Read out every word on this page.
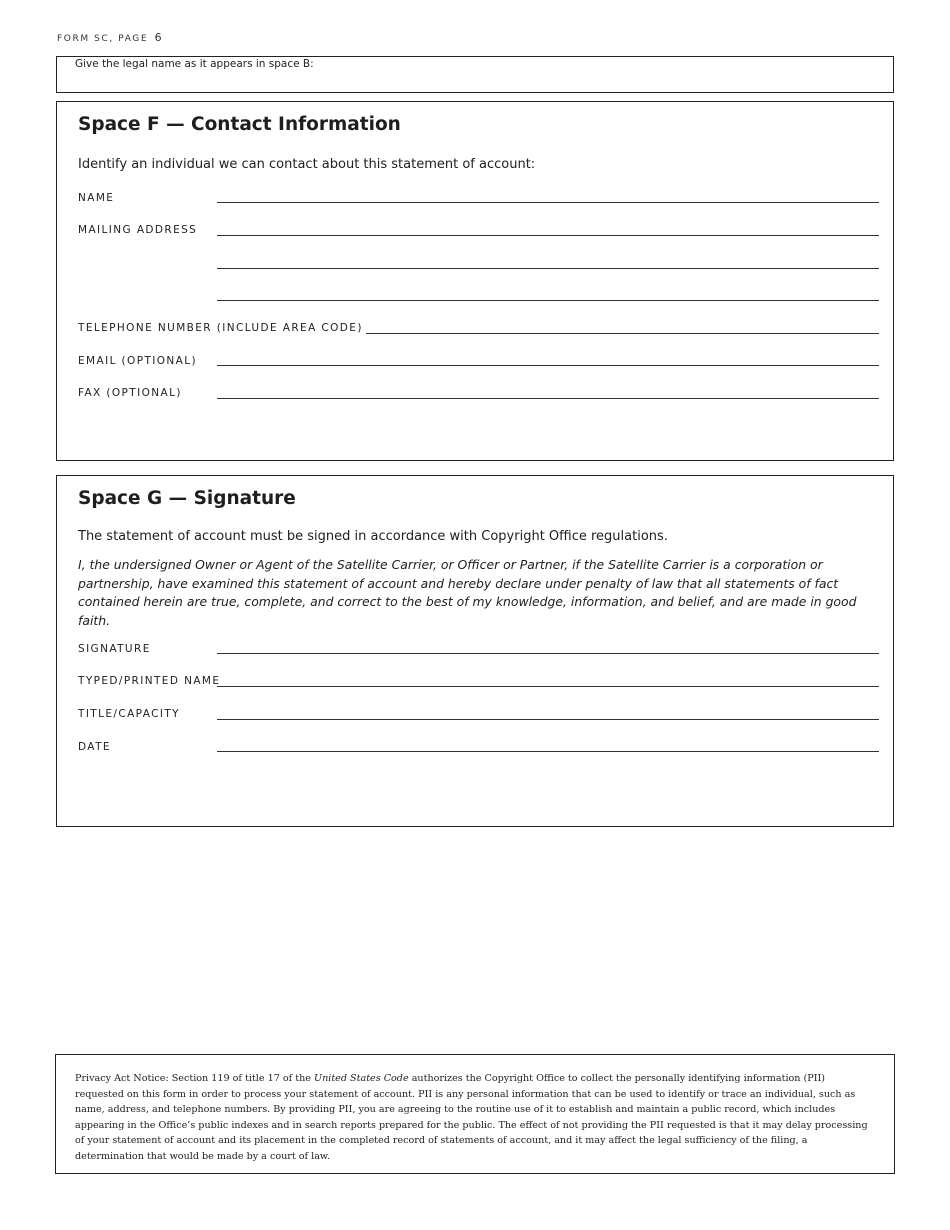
FORM SC, PAGE 6
Give the legal name as it appears in space B:
Space F — Contact Information
Identify an individual we can contact about this statement of account:
NAME
MAILING ADDRESS
TELEPHONE NUMBER (INCLUDE AREA CODE)
EMAIL (OPTIONAL)
FAX (OPTIONAL)
Space G — Signature
The statement of account must be signed in accordance with Copyright Office regulations.
I, the undersigned Owner or Agent of the Satellite Carrier, or Officer or Partner, if the Satellite Carrier is a corporation or partnership, have examined this statement of account and hereby declare under penalty of law that all statements of fact contained herein are true, complete, and correct to the best of my knowledge, information, and belief, and are made in good faith.
SIGNATURE
TYPED/PRINTED NAME
TITLE/CAPACITY
DATE
Privacy Act Notice: Section 119 of title 17 of the United States Code authorizes the Copyright Office to collect the personally identifying information (PII) requested on this form in order to process your statement of account. PII is any personal information that can be used to identify or trace an individual, such as name, address, and telephone numbers. By providing PII, you are agreeing to the routine use of it to establish and maintain a public record, which includes appearing in the Office’s public indexes and in search reports prepared for the public. The effect of not providing the PII requested is that it may delay processing of your statement of account and its placement in the completed record of statements of account, and it may affect the legal sufficiency of the filing, a determination that would be made by a court of law.
